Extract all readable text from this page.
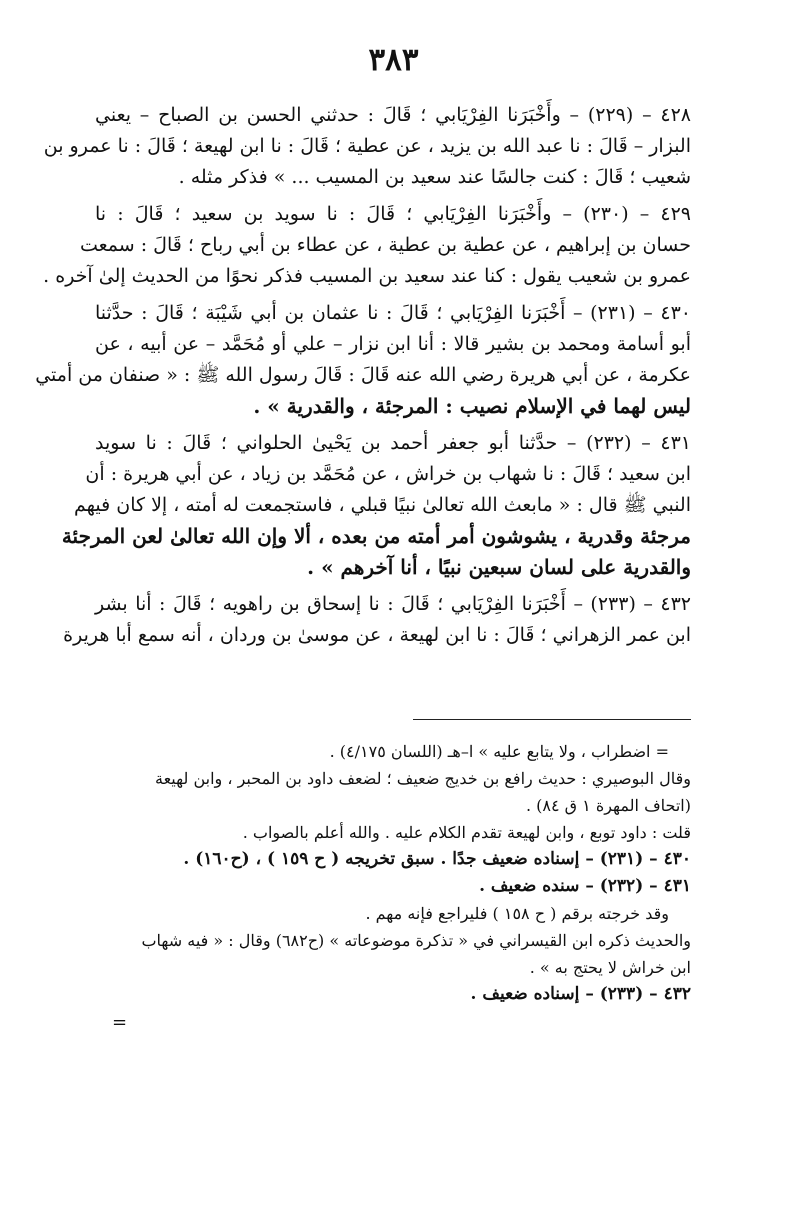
٣٨٣
٤٢٨ – (٢٢٩) – وأَخْبَرَنا الفِرْيَابي ؛ قَالَ : حدثني الحسن بن الصباح – يعني
البزار – قَالَ : نا عبد الله بن يزيد ، عن عطية ؛ قَالَ : نا ابن لهيعة ؛ قَالَ : نا عمرو بن
شعيب ؛ قَالَ : كنت جالسًا عند سعيد بن المسيب ... » فذكر مثله .
٤٢٩ – (٢٣٠) – وأَخْبَرَنا الفِرْيَابي ؛ قَالَ : نا سويد بن سعيد ؛ قَالَ : نا
حسان بن إبراهيم ، عن عطية بن عطية ، عن عطاء بن أبي رباح ؛ قَالَ : سمعت
عمرو بن شعيب يقول : كنا عند سعيد بن المسيب فذكر نحوًا من الحديث إلىٰ آخره .
٤٣٠ – (٢٣١) – أَخْبَرَنا الفِرْيَابي ؛ قَالَ : نا عثمان بن أبي شَيْبَة ؛ قَالَ : حدَّثنا
أبو أسامة ومحمد بن بشير قالا : أنا ابن نزار – علي أو مُحَمَّد – عن أبيه ، عن
عكرمة ، عن أبي هريرة رضي الله عنه قَالَ : قَالَ رسول الله ﷺ : « صنفان من أمتي
ليس لهما في الإسلام نصيب : المرجئة ، والقدرية » .
٤٣١ – (٢٣٢) – حدَّثنا أبو جعفر أحمد بن يَحْيىٰ الحلواني ؛ قَالَ : نا سويد
ابن سعيد ؛ قَالَ : نا شهاب بن خراش ، عن مُحَمَّد بن زياد ، عن أبي هريرة : أن
النبي ﷺ قال : « مابعث الله تعالىٰ نبيًا قبلي ، فاستجمعت له أمته ، إلا كان فيهم
مرجئة وقدرية ، يشوشون أمر أمته من بعده ، ألا وإن الله تعالىٰ لعن المرجئة
والقدرية على لسان سبعين نبيًا ، أنا آخرهم » .
٤٣٢ – (٢٣٣) – أَخْبَرَنا الفِرْيَابي ؛ قَالَ : نا إسحاق بن راهويه ؛ قَالَ : أنا بشر
ابن عمر الزهراني ؛ قَالَ : نا ابن لهيعة ، عن موسىٰ بن وردان ، أنه سمع أبا هريرة
= اضطراب ، ولا يتابع عليه » ا–هـ (اللسان ٤/١٧٥) .
وقال البوصيري : حديث رافع بن خديج ضعيف ؛ لضعف داود بن المحبر ، وابن لهيعة
(اتحاف المهرة ١ ق ٨٤) .
قلت : داود توبع ، وابن لهيعة تقدم الكلام عليه . والله أعلم بالصواب .
٤٣٠ – (٢٣١) – إسناده ضعيف جدًا . سبق تخريجه ( ح ١٥٩ ) ، (ح١٦٠) .
٤٣١ – (٢٣٢) – سنده ضعيف .
وقد خرجته برقم ( ح ١٥٨ ) فليراجع فإنه مهم .
والحديث ذكره ابن القيسراني في « تذكرة موضوعاته » (ح٦٨٢) وقال : « فيه شهاب
ابن خراش لا يحتج به » .
٤٣٢ – (٢٣٣) – إسناده ضعيف .
=
